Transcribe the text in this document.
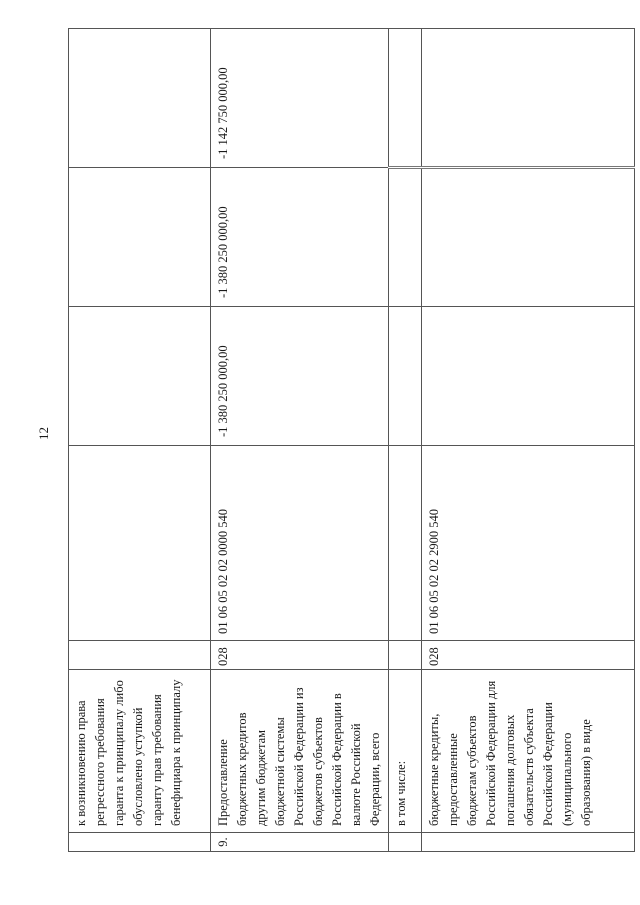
12
	к возникновению права регрессного требования гаранта к принципалу либо обусловлено уступкой гаранту прав требования бенефициара к принципалу					
9.	Предоставление бюджетных кредитов другим бюджетам бюджетной системы Российской Федерации из бюджетов субъектов Российской Федерации в валюте Российской Федерации, всего	028	01 06 05 02 02 0000 540	-1 380 250 000,00	-1 380 250 000,00	-1 142 750 000,00
	в том числе:					
	бюджетные кредиты, предоставленные бюджетам субъектов Российской Федерации для погашения долговых обязательств субъекта Российской Федерации (муниципального образования) в виде	028	01 06 05 02 02 2900 540			
